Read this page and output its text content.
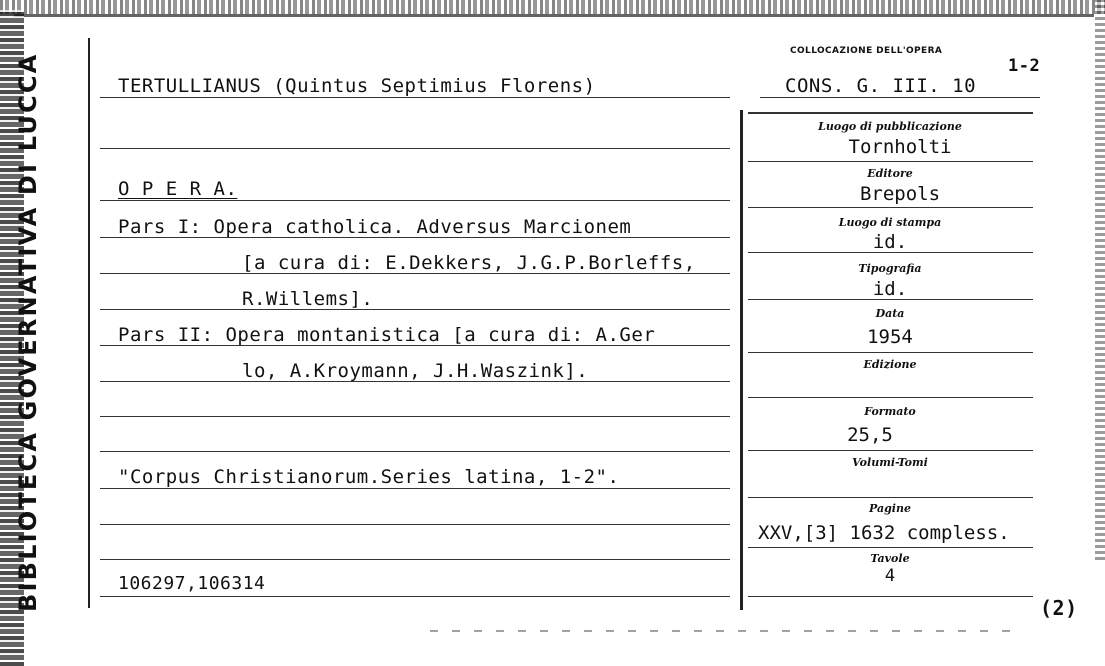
BIBLIOTECA GOVERNATIVA DI LUCCA	TERTULLIANUS (Quintus Septimius Florens)
O P E R A.
Pars I: Opera catholica. Adversus Marcionem
[a cura di: E.Dekkers, J.G.P.Borleffs,
R.Willems].
Pars II: Opera montanistica [a cura di: A.Ger
lo, A.Kroymann, J.H.Waszink].
"Corpus Christianorum.Series latina, 1-2".
106297,106314
COLLOCAZIONE DELL'OPERA
CONS. G. III. 10
1-2
Luogo di pubblicazione
Tornholti
Editore
Brepols
Luogo di stampa
id.
Tipografia
id.
Data
1954
Edizione
Formato
25,5
Volumi-Tomi
Pagine
XXV,[3] 1632 compless.
Tavole
4
(2)
